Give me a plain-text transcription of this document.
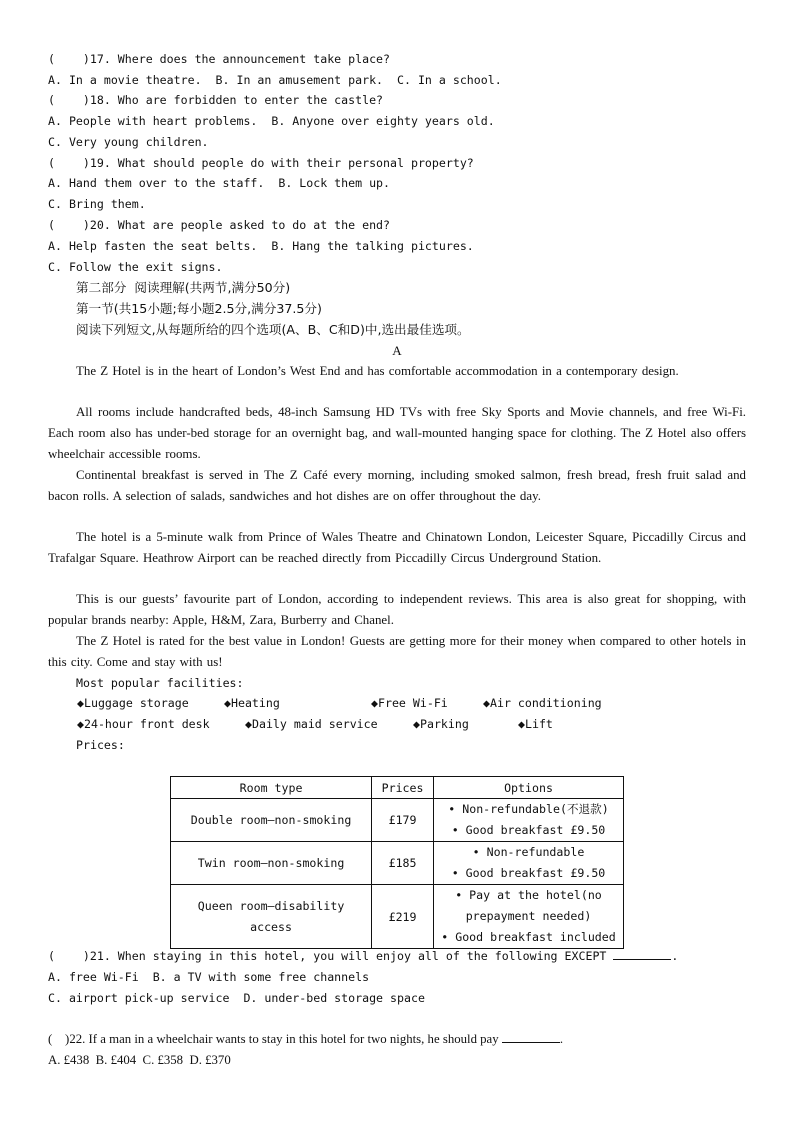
(    )17. Where does the announcement take place?
A. In a movie theatre.  B. In an amusement park.  C. In a school.
(    )18. Who are forbidden to enter the castle?
A. People with heart problems.  B. Anyone over eighty years old.
C. Very young children.
(    )19. What should people do with their personal property?
A. Hand them over to the staff.  B. Lock them up.
C. Bring them.
(    )20. What are people asked to do at the end?
A. Help fasten the seat belts.  B. Hang the talking pictures.
C. Follow the exit signs.
第二部分  阅读理解(共两节,满分50分)
第一节(共15小题;每小题2.5分,满分37.5分)
阅读下列短文,从每题所给的四个选项(A、B、C和D)中,选出最佳选项。
A
The Z Hotel is in the heart of London’s West End and has comfortable accommodation in a contemporary design.
All rooms include handcrafted beds, 48-inch Samsung HD TVs with free Sky Sports and Movie channels, and free Wi-Fi. Each room also has under-bed storage for an overnight bag, and wall-mounted hanging space for clothing. The Z Hotel also offers wheelchair accessible rooms.
Continental breakfast is served in The Z Café every morning, including smoked salmon, fresh bread, fresh fruit salad and bacon rolls. A selection of salads, sandwiches and hot dishes are on offer throughout the day.
The hotel is a 5-minute walk from Prince of Wales Theatre and Chinatown London, Leicester Square, Piccadilly Circus and Trafalgar Square. Heathrow Airport can be reached directly from Piccadilly Circus Underground Station.
This is our guests’ favourite part of London, according to independent reviews. This area is also great for shopping, with popular brands nearby: Apple, H&M, Zara, Burberry and Chanel.
The Z Hotel is rated for the best value in London! Guests are getting more for their money when compared to other hotels in this city. Come and stay with us!
Most popular facilities:
◆Luggage storage	◆Heating	◆Free Wi-Fi	◆Air conditioning
◆24-hour front desk	◆Daily maid service	◆Parking	◆Lift
Prices:
Room type	Prices	Options
Double room—non-smoking	£179	• Non-refundable(不退款)
• Good breakfast £9.50

Twin room—non-smoking	£185	• Non-refundable
• Good breakfast £9.50

Queen room—disability access	£219	• Pay at the hotel(no
prepayment needed)
• Good breakfast included
(    )21. When staying in this hotel, you will enjoy all of the following EXCEPT	.
A. free Wi-Fi  B. a TV with some free channels
C. airport pick-up service  D. under-bed storage space
(    )22. If a man in a wheelchair wants to stay in this hotel for two nights, he should pay	.
A. £438  B. £404  C. £358  D. £370
